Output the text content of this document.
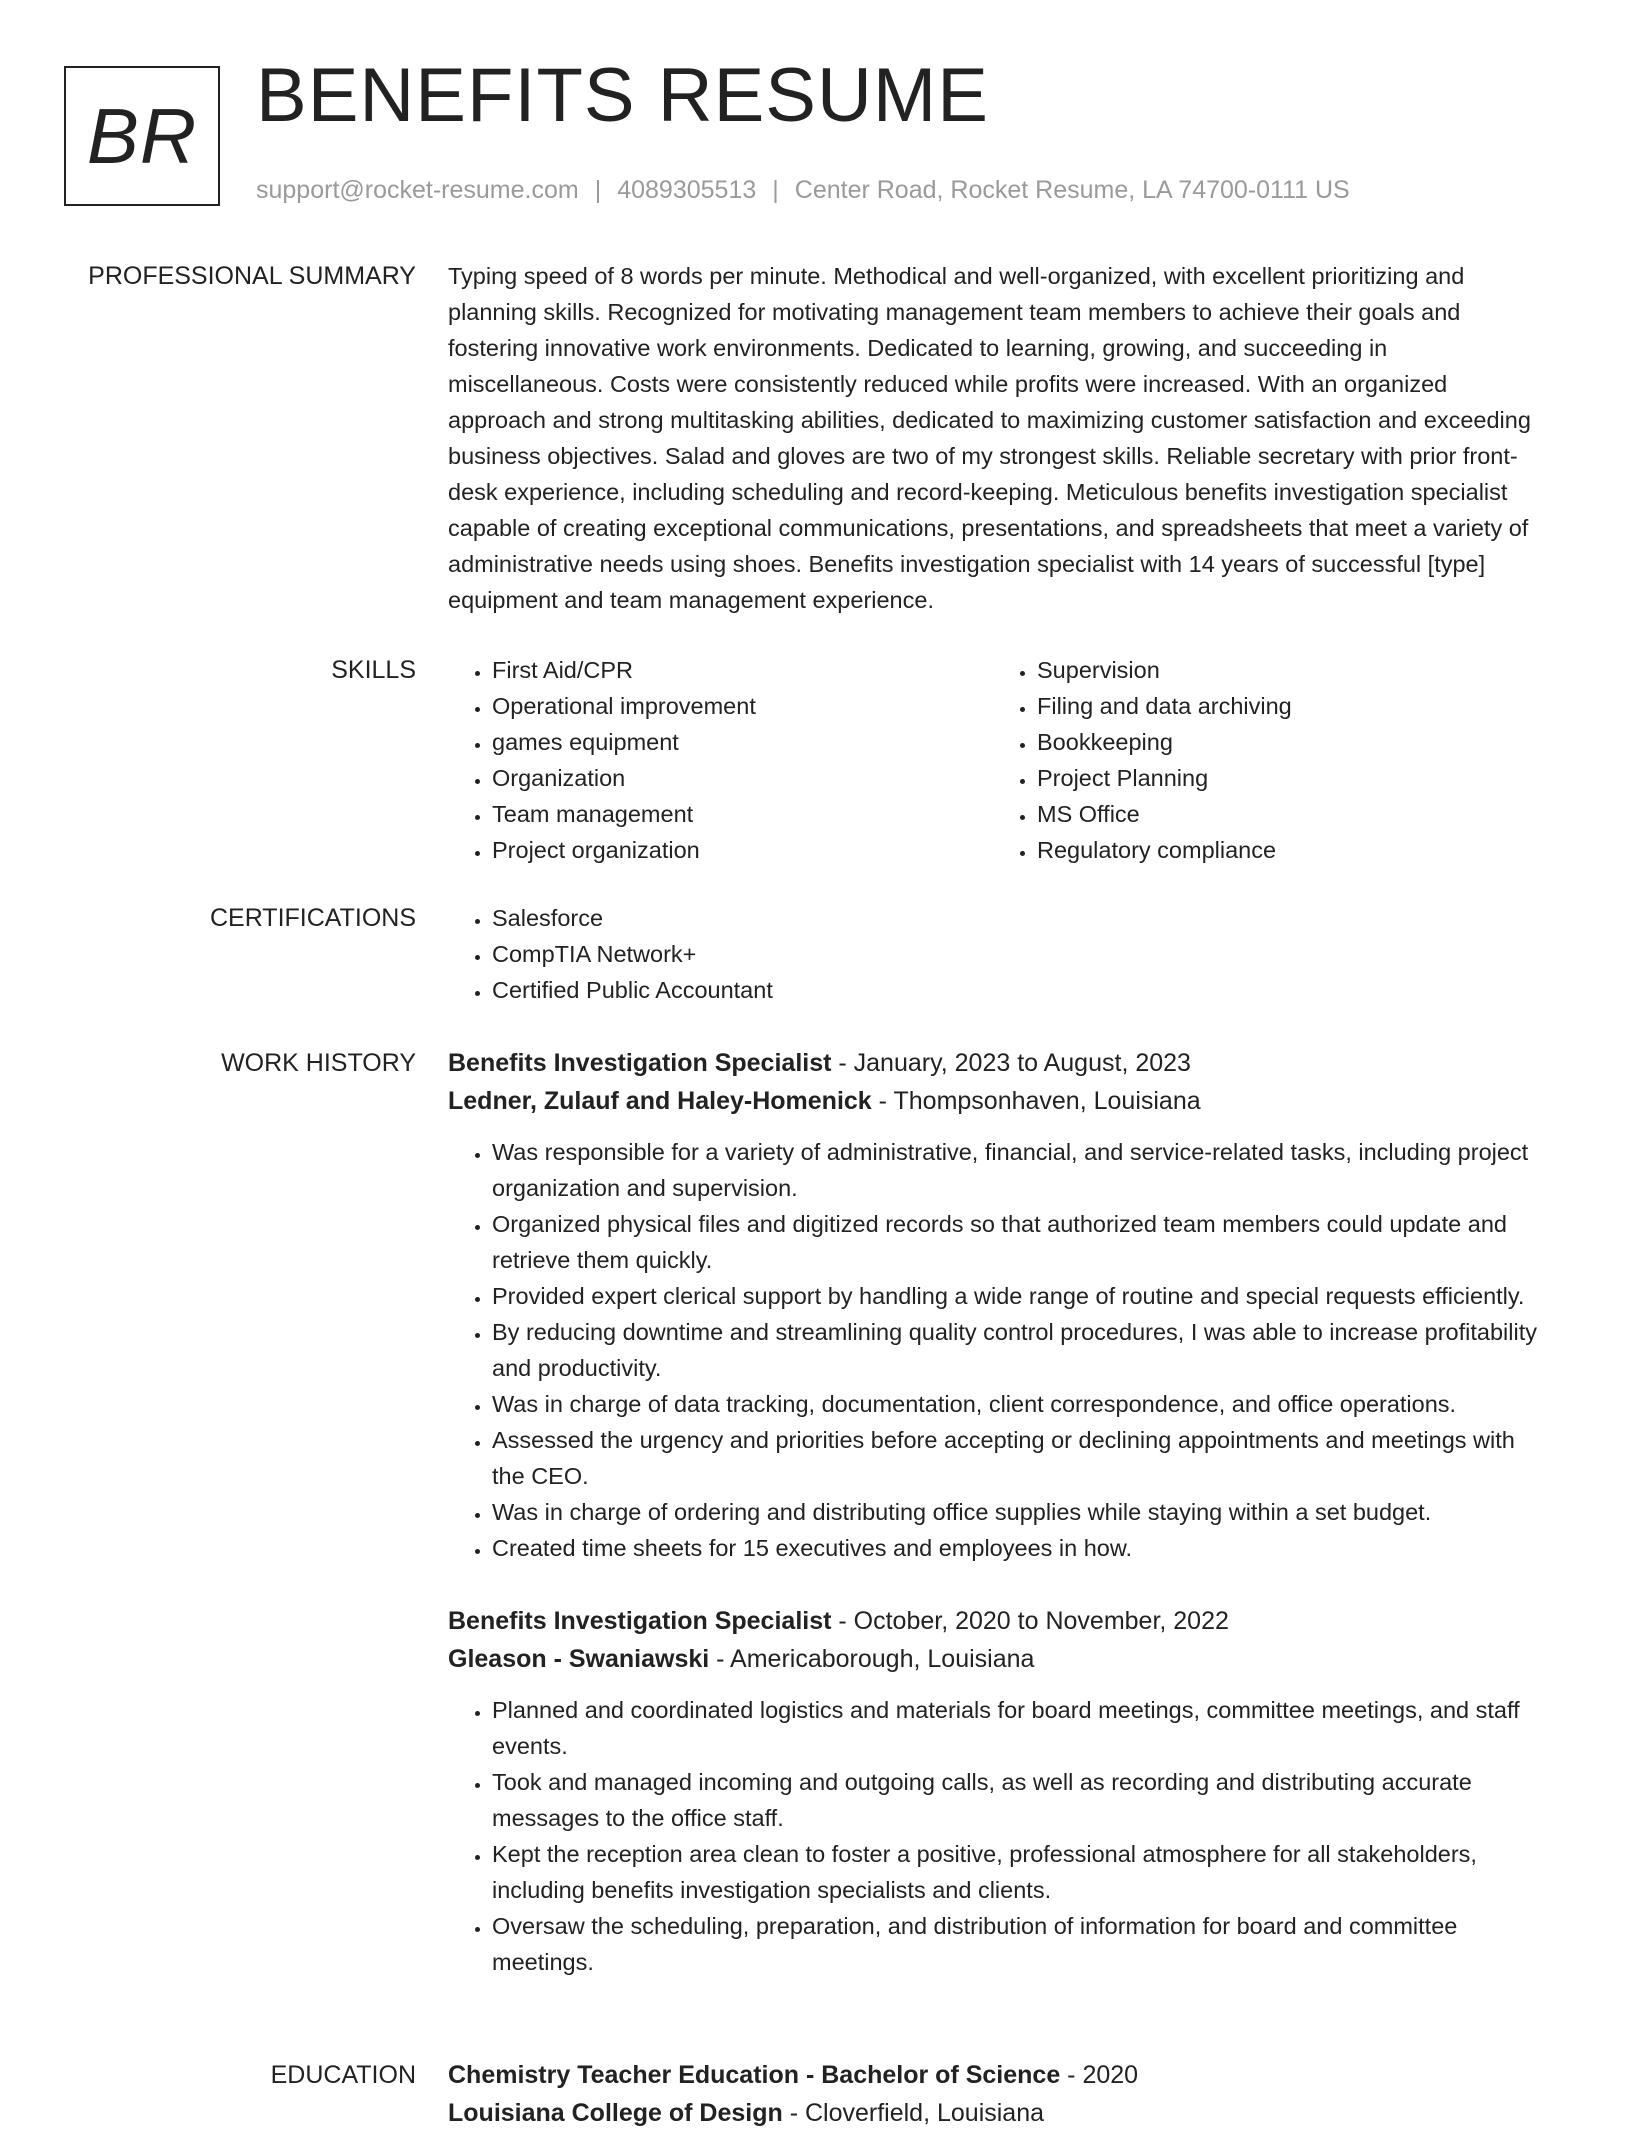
BR BENEFITS RESUME
support@rocket-resume.com | 4089305513 | Center Road, Rocket Resume, LA 74700-0111 US
PROFESSIONAL SUMMARY Typing speed of 8 words per minute. Methodical and well-organized, with excellent prioritizing and planning skills. Recognized for motivating management team members to achieve their goals and fostering innovative work environments. Dedicated to learning, growing, and succeeding in miscellaneous. Costs were consistently reduced while profits were increased. With an organized approach and strong multitasking abilities, dedicated to maximizing customer satisfaction and exceeding business objectives. Salad and gloves are two of my strongest skills. Reliable secretary with prior front-desk experience, including scheduling and record-keeping. Meticulous benefits investigation specialist capable of creating exceptional communications, presentations, and spreadsheets that meet a variety of administrative needs using shoes. Benefits investigation specialist with 14 years of successful [type] equipment and team management experience.

SKILLS	• First Aid/CPR
• Operational improvement
• games equipment
• Organization
• Team management
• Project organization
• Supervision
• Filing and data archiving
• Bookkeeping
• Project Planning
• MS Office
• Regulatory compliance
CERTIFICATIONS	• Salesforce
• CompTIA Network+
• Certified Public Accountant
WORK HISTORY Benefits Investigation Specialist - January, 2023 to August, 2023
Ledner, Zulauf and Haley-Homenick - Thompsonhaven, Louisiana
• Was responsible for a variety of administrative, financial, and service-related tasks, including project organization and supervision.
• Organized physical files and digitized records so that authorized team members could update and retrieve them quickly.
• Provided expert clerical support by handling a wide range of routine and special requests efficiently.
• By reducing downtime and streamlining quality control procedures, I was able to increase profitability and productivity.
• Was in charge of data tracking, documentation, client correspondence, and office operations.
• Assessed the urgency and priorities before accepting or declining appointments and meetings with the CEO.
• Was in charge of ordering and distributing office supplies while staying within a set budget.
• Created time sheets for 15 executives and employees in how.
Benefits Investigation Specialist - October, 2020 to November, 2022
Gleason - Swaniawski - Americaborough, Louisiana
• Planned and coordinated logistics and materials for board meetings, committee meetings, and staff events.
• Took and managed incoming and outgoing calls, as well as recording and distributing accurate messages to the office staff.
• Kept the reception area clean to foster a positive, professional atmosphere for all stakeholders, including benefits investigation specialists and clients.
• Oversaw the scheduling, preparation, and distribution of information for board and committee meetings.
EDUCATION Chemistry Teacher Education - Bachelor of Science - 2020
Louisiana College of Design - Cloverfield, Louisiana
